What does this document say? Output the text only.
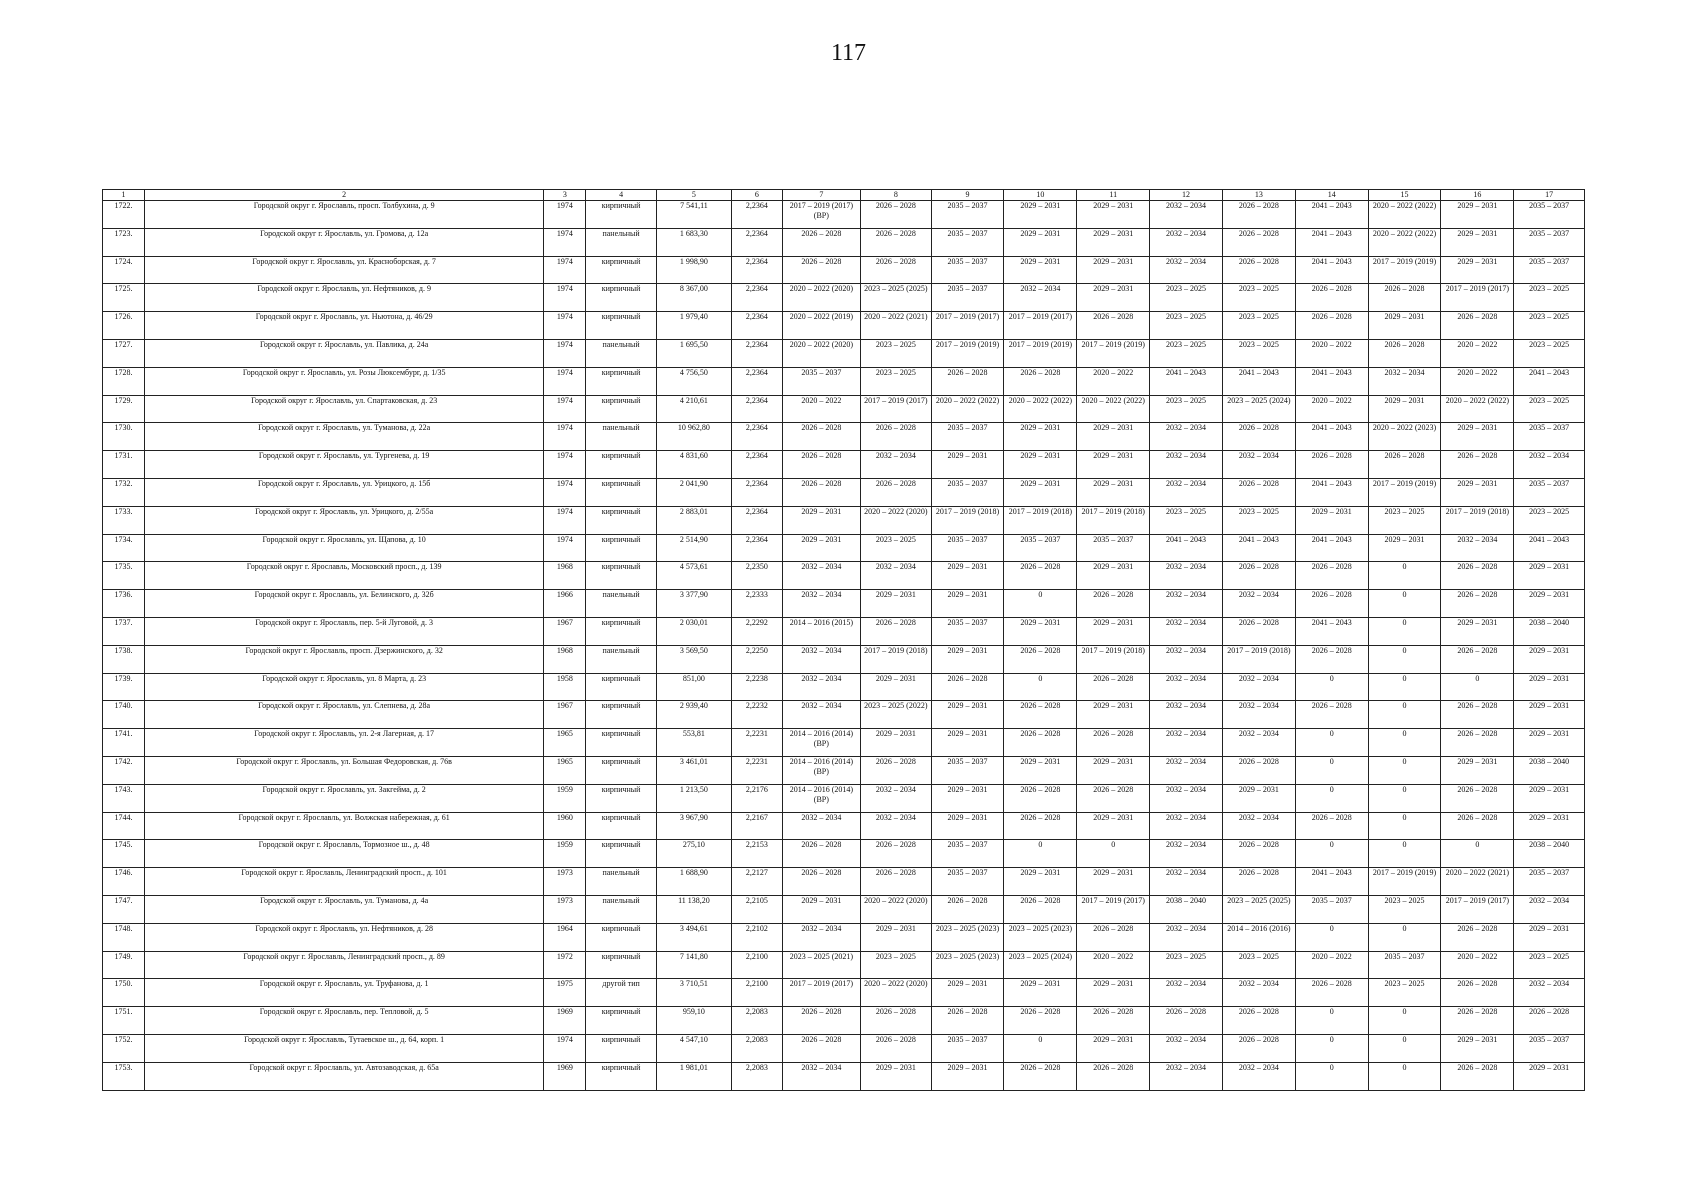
117
1	2	3	4	5	6	7	8	9	10	11	12	13	14	15	16	17
1722.	Городской округ г. Ярославль, просп. Толбухина, д. 9	1974	кирпичный	7 541,11	2,2364	2017 – 2019 (2017) (ВР)	2026 – 2028	2035 – 2037	2029 – 2031	2029 – 2031	2032 – 2034	2026 – 2028	2041 – 2043	2020 – 2022 (2022)	2029 – 2031	2035 – 2037
1723.	Городской округ г. Ярославль, ул. Громова, д. 12а	1974	панельный	1 683,30	2,2364	2026 – 2028	2026 – 2028	2035 – 2037	2029 – 2031	2029 – 2031	2032 – 2034	2026 – 2028	2041 – 2043	2020 – 2022 (2022)	2029 – 2031	2035 – 2037
1724.	Городской округ г. Ярославль, ул. Красноборская, д. 7	1974	кирпичный	1 998,90	2,2364	2026 – 2028	2026 – 2028	2035 – 2037	2029 – 2031	2029 – 2031	2032 – 2034	2026 – 2028	2041 – 2043	2017 – 2019 (2019)	2029 – 2031	2035 – 2037
1725.	Городской округ г. Ярославль, ул. Нефтяников, д. 9	1974	кирпичный	8 367,00	2,2364	2020 – 2022 (2020)	2023 – 2025 (2025)	2035 – 2037	2032 – 2034	2029 – 2031	2023 – 2025	2023 – 2025	2026 – 2028	2026 – 2028	2017 – 2019 (2017)	2023 – 2025
1726.	Городской округ г. Ярославль, ул. Ньютона, д. 46/29	1974	кирпичный	1 979,40	2,2364	2020 – 2022 (2019)	2020 – 2022 (2021)	2017 – 2019 (2017)	2017 – 2019 (2017)	2026 – 2028	2023 – 2025	2023 – 2025	2026 – 2028	2029 – 2031	2026 – 2028	2023 – 2025
1727.	Городской округ г. Ярославль, ул. Павлика, д. 24а	1974	панельный	1 695,50	2,2364	2020 – 2022 (2020)	2023 – 2025	2017 – 2019 (2019)	2017 – 2019 (2019)	2017 – 2019 (2019)	2023 – 2025	2023 – 2025	2020 – 2022	2026 – 2028	2020 – 2022	2023 – 2025
1728.	Городской округ г. Ярославль, ул. Розы Люксембург, д. 1/35	1974	кирпичный	4 756,50	2,2364	2035 – 2037	2023 – 2025	2026 – 2028	2026 – 2028	2020 – 2022	2041 – 2043	2041 – 2043	2041 – 2043	2032 – 2034	2020 – 2022	2041 – 2043
1729.	Городской округ г. Ярославль, ул. Спартаковская, д. 23	1974	кирпичный	4 210,61	2,2364	2020 – 2022	2017 – 2019 (2017)	2020 – 2022 (2022)	2020 – 2022 (2022)	2020 – 2022 (2022)	2023 – 2025	2023 – 2025 (2024)	2020 – 2022	2029 – 2031	2020 – 2022 (2022)	2023 – 2025
1730.	Городской округ г. Ярославль, ул. Туманова, д. 22а	1974	панельный	10 962,80	2,2364	2026 – 2028	2026 – 2028	2035 – 2037	2029 – 2031	2029 – 2031	2032 – 2034	2026 – 2028	2041 – 2043	2020 – 2022 (2023)	2029 – 2031	2035 – 2037
1731.	Городской округ г. Ярославль, ул. Тургенева, д. 19	1974	кирпичный	4 831,60	2,2364	2026 – 2028	2032 – 2034	2029 – 2031	2029 – 2031	2029 – 2031	2032 – 2034	2032 – 2034	2026 – 2028	2026 – 2028	2026 – 2028	2032 – 2034
1732.	Городской округ г. Ярославль, ул. Урицкого, д. 15б	1974	кирпичный	2 041,90	2,2364	2026 – 2028	2026 – 2028	2035 – 2037	2029 – 2031	2029 – 2031	2032 – 2034	2026 – 2028	2041 – 2043	2017 – 2019 (2019)	2029 – 2031	2035 – 2037
1733.	Городской округ г. Ярославль, ул. Урицкого, д. 2/55а	1974	кирпичный	2 883,01	2,2364	2029 – 2031	2020 – 2022 (2020)	2017 – 2019 (2018)	2017 – 2019 (2018)	2017 – 2019 (2018)	2023 – 2025	2023 – 2025	2029 – 2031	2023 – 2025	2017 – 2019 (2018)	2023 – 2025
1734.	Городской округ г. Ярославль, ул. Щапова, д. 10	1974	кирпичный	2 514,90	2,2364	2029 – 2031	2023 – 2025	2035 – 2037	2035 – 2037	2035 – 2037	2041 – 2043	2041 – 2043	2041 – 2043	2029 – 2031	2032 – 2034	2041 – 2043
1735.	Городской округ г. Ярославль, Московский просп., д. 139	1968	кирпичный	4 573,61	2,2350	2032 – 2034	2032 – 2034	2029 – 2031	2026 – 2028	2029 – 2031	2032 – 2034	2026 – 2028	2026 – 2028	0	2026 – 2028	2029 – 2031
1736.	Городской округ г. Ярославль, ул. Белинского, д. 32б	1966	панельный	3 377,90	2,2333	2032 – 2034	2029 – 2031	2029 – 2031	0	2026 – 2028	2032 – 2034	2032 – 2034	2026 – 2028	0	2026 – 2028	2029 – 2031
1737.	Городской округ г. Ярославль, пер. 5-й Луговой, д. 3	1967	кирпичный	2 030,01	2,2292	2014 – 2016 (2015)	2026 – 2028	2035 – 2037	2029 – 2031	2029 – 2031	2032 – 2034	2026 – 2028	2041 – 2043	0	2029 – 2031	2038 – 2040
1738.	Городской округ г. Ярославль, просп. Дзержинского, д. 32	1968	панельный	3 569,50	2,2250	2032 – 2034	2017 – 2019 (2018)	2029 – 2031	2026 – 2028	2017 – 2019 (2018)	2032 – 2034	2017 – 2019 (2018)	2026 – 2028	0	2026 – 2028	2029 – 2031
1739.	Городской округ г. Ярославль, ул. 8 Марта, д. 23	1958	кирпичный	851,00	2,2238	2032 – 2034	2029 – 2031	2026 – 2028	0	2026 – 2028	2032 – 2034	2032 – 2034	0	0	0	2029 – 2031
1740.	Городской округ г. Ярославль, ул. Слепнева, д. 28а	1967	кирпичный	2 939,40	2,2232	2032 – 2034	2023 – 2025 (2022)	2029 – 2031	2026 – 2028	2029 – 2031	2032 – 2034	2032 – 2034	2026 – 2028	0	2026 – 2028	2029 – 2031
1741.	Городской округ г. Ярославль, ул. 2-я Лагерная, д. 17	1965	кирпичный	553,81	2,2231	2014 – 2016 (2014) (ВР)	2029 – 2031	2029 – 2031	2026 – 2028	2026 – 2028	2032 – 2034	2032 – 2034	0	0	2026 – 2028	2029 – 2031
1742.	Городской округ г. Ярославль, ул. Большая Федоровская, д. 76в	1965	кирпичный	3 461,01	2,2231	2014 – 2016 (2014) (ВР)	2026 – 2028	2035 – 2037	2029 – 2031	2029 – 2031	2032 – 2034	2026 – 2028	0	0	2029 – 2031	2038 – 2040
1743.	Городской округ г. Ярославль, ул. Закгейма, д. 2	1959	кирпичный	1 213,50	2,2176	2014 – 2016 (2014) (ВР)	2032 – 2034	2029 – 2031	2026 – 2028	2026 – 2028	2032 – 2034	2029 – 2031	0	0	2026 – 2028	2029 – 2031
1744.	Городской округ г. Ярославль, ул. Волжская набережная, д. 61	1960	кирпичный	3 967,90	2,2167	2032 – 2034	2032 – 2034	2029 – 2031	2026 – 2028	2029 – 2031	2032 – 2034	2032 – 2034	2026 – 2028	0	2026 – 2028	2029 – 2031
1745.	Городской округ г. Ярославль, Тормозное ш., д. 48	1959	кирпичный	275,10	2,2153	2026 – 2028	2026 – 2028	2035 – 2037	0	0	2032 – 2034	2026 – 2028	0	0	0	2038 – 2040
1746.	Городской округ г. Ярославль, Ленинградский просп., д. 101	1973	панельный	1 688,90	2,2127	2026 – 2028	2026 – 2028	2035 – 2037	2029 – 2031	2029 – 2031	2032 – 2034	2026 – 2028	2041 – 2043	2017 – 2019 (2019)	2020 – 2022 (2021)	2035 – 2037
1747.	Городской округ г. Ярославль, ул. Туманова, д. 4а	1973	панельный	11 138,20	2,2105	2029 – 2031	2020 – 2022 (2020)	2026 – 2028	2026 – 2028	2017 – 2019 (2017)	2038 – 2040	2023 – 2025 (2025)	2035 – 2037	2023 – 2025	2017 – 2019 (2017)	2032 – 2034
1748.	Городской округ г. Ярославль, ул. Нефтяников, д. 28	1964	кирпичный	3 494,61	2,2102	2032 – 2034	2029 – 2031	2023 – 2025 (2023)	2023 – 2025 (2023)	2026 – 2028	2032 – 2034	2014 – 2016 (2016)	0	0	2026 – 2028	2029 – 2031
1749.	Городской округ г. Ярославль, Ленинградский просп., д. 89	1972	кирпичный	7 141,80	2,2100	2023 – 2025 (2021)	2023 – 2025	2023 – 2025 (2023)	2023 – 2025 (2024)	2020 – 2022	2023 – 2025	2023 – 2025	2020 – 2022	2035 – 2037	2020 – 2022	2023 – 2025
1750.	Городской округ г. Ярославль, ул. Труфанова, д. 1	1975	другой тип	3 710,51	2,2100	2017 – 2019 (2017)	2020 – 2022 (2020)	2029 – 2031	2029 – 2031	2029 – 2031	2032 – 2034	2032 – 2034	2026 – 2028	2023 – 2025	2026 – 2028	2032 – 2034
1751.	Городской округ г. Ярославль, пер. Тепловой, д. 5	1969	кирпичный	959,10	2,2083	2026 – 2028	2026 – 2028	2026 – 2028	2026 – 2028	2026 – 2028	2026 – 2028	2026 – 2028	0	0	2026 – 2028	2026 – 2028
1752.	Городской округ г. Ярославль, Тутаевское ш., д. 64, корп. 1	1974	кирпичный	4 547,10	2,2083	2026 – 2028	2026 – 2028	2035 – 2037	0	2029 – 2031	2032 – 2034	2026 – 2028	0	0	2029 – 2031	2035 – 2037
1753.	Городской округ г. Ярославль, ул. Автозаводская, д. 65а	1969	кирпичный	1 981,01	2,2083	2032 – 2034	2029 – 2031	2029 – 2031	2026 – 2028	2026 – 2028	2032 – 2034	2032 – 2034	0	0	2026 – 2028	2029 – 2031
